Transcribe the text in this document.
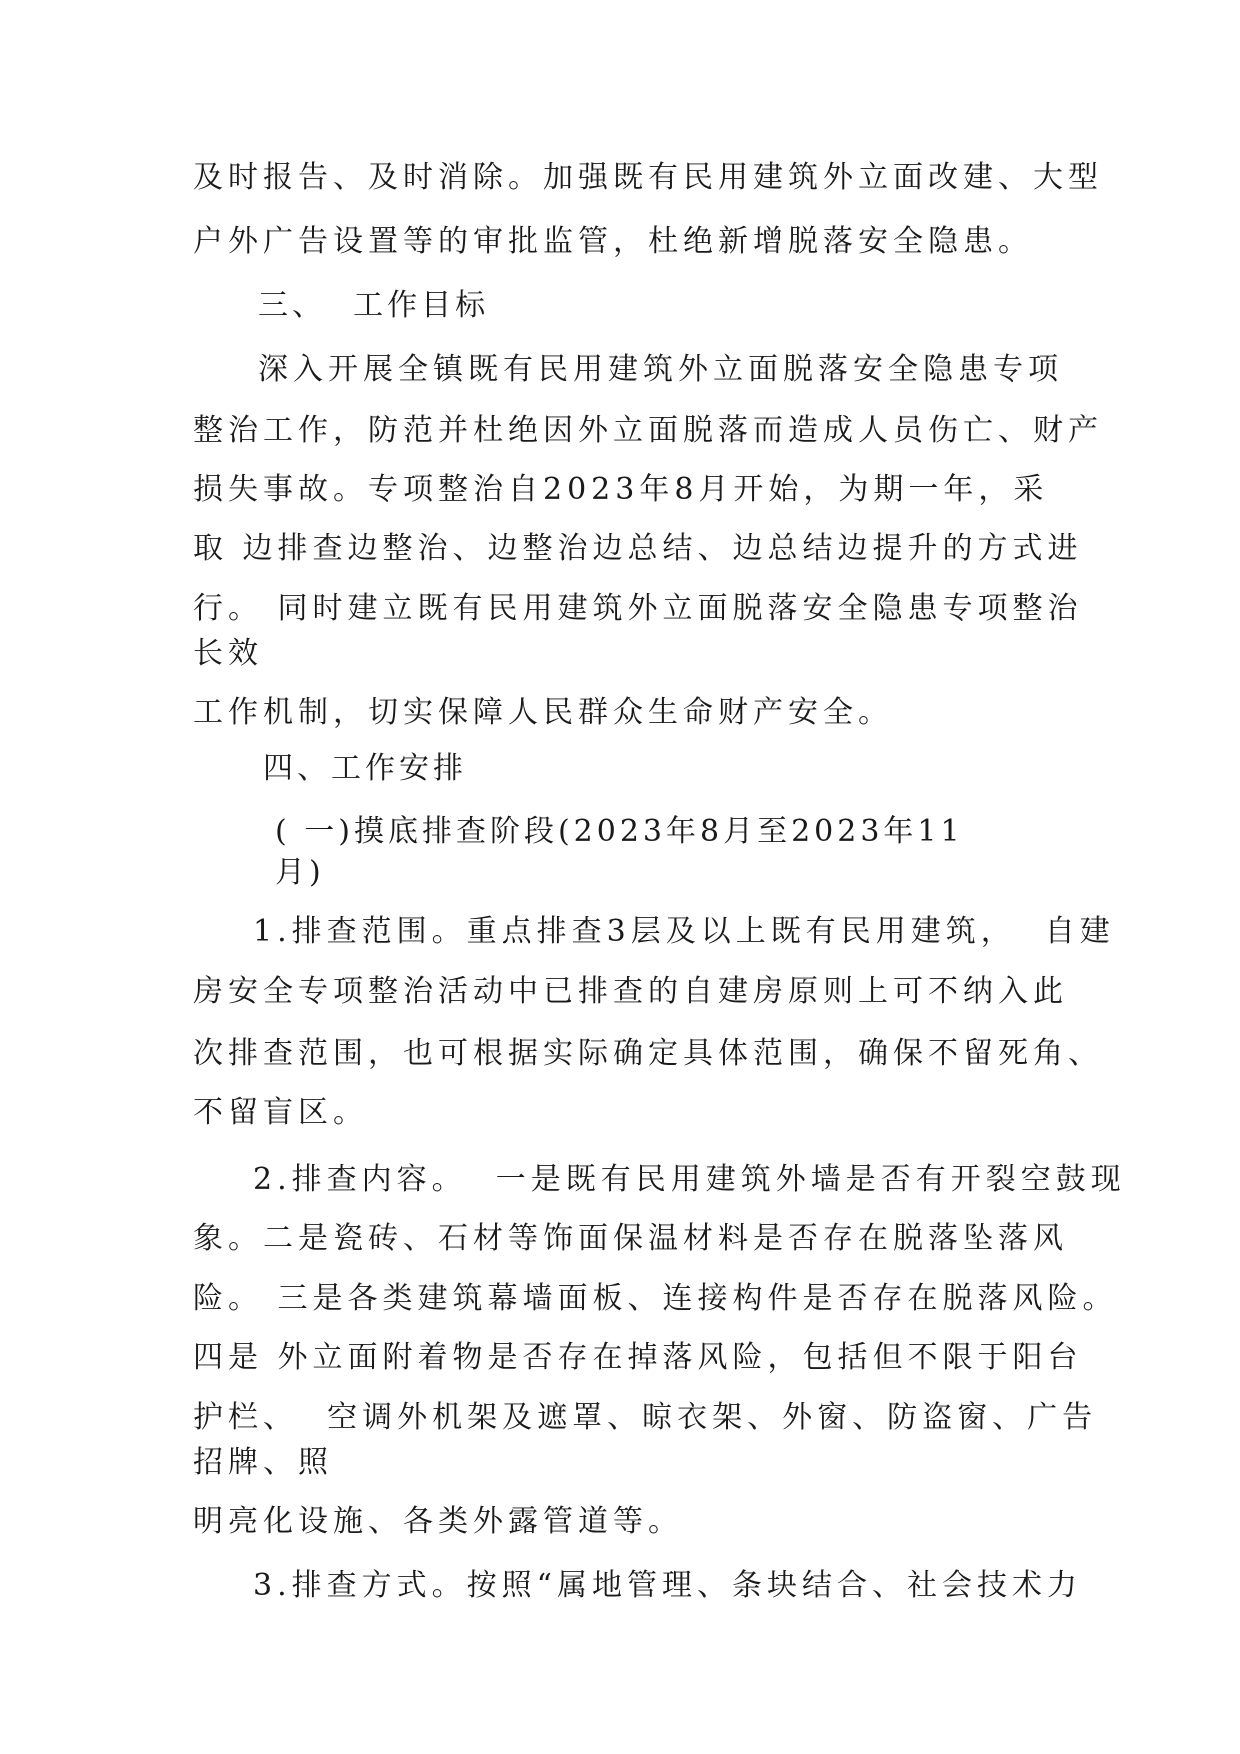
及时报告、及时消除。加强既有民用建筑外立面改建、大型
户外广告设置等的审批监管，杜绝新增脱落安全隐患。
三、  工作目标
深入开展全镇既有民用建筑外立面脱落安全隐患专项
整治工作，防范并杜绝因外立面脱落而造成人员伤亡、财产
损失事故。专项整治自2023年8月开始，为期一年，采
取 边排查边整治、边整治边总结、边总结边提升的方式进
行。 同时建立既有民用建筑外立面脱落安全隐患专项整治
长效
工作机制，切实保障人民群众生命财产安全。
四、工作安排
( 一)摸底排查阶段(2023年8月至2023年11
月)
1.排查范围。重点排查3层及以上既有民用建筑，  自建
房安全专项整治活动中已排查的自建房原则上可不纳入此
次排查范围，也可根据实际确定具体范围，确保不留死角、
不留盲区。
2.排查内容。  一是既有民用建筑外墙是否有开裂空鼓现
象。二是瓷砖、石材等饰面保温材料是否存在脱落坠落风
险。 三是各类建筑幕墙面板、连接构件是否存在脱落风险。
四是 外立面附着物是否存在掉落风险，包括但不限于阳台
护栏、  空调外机架及遮罩、晾衣架、外窗、防盗窗、广告
招牌、照
明亮化设施、各类外露管道等。
3.排查方式。按照“属地管理、条块结合、社会技术力
